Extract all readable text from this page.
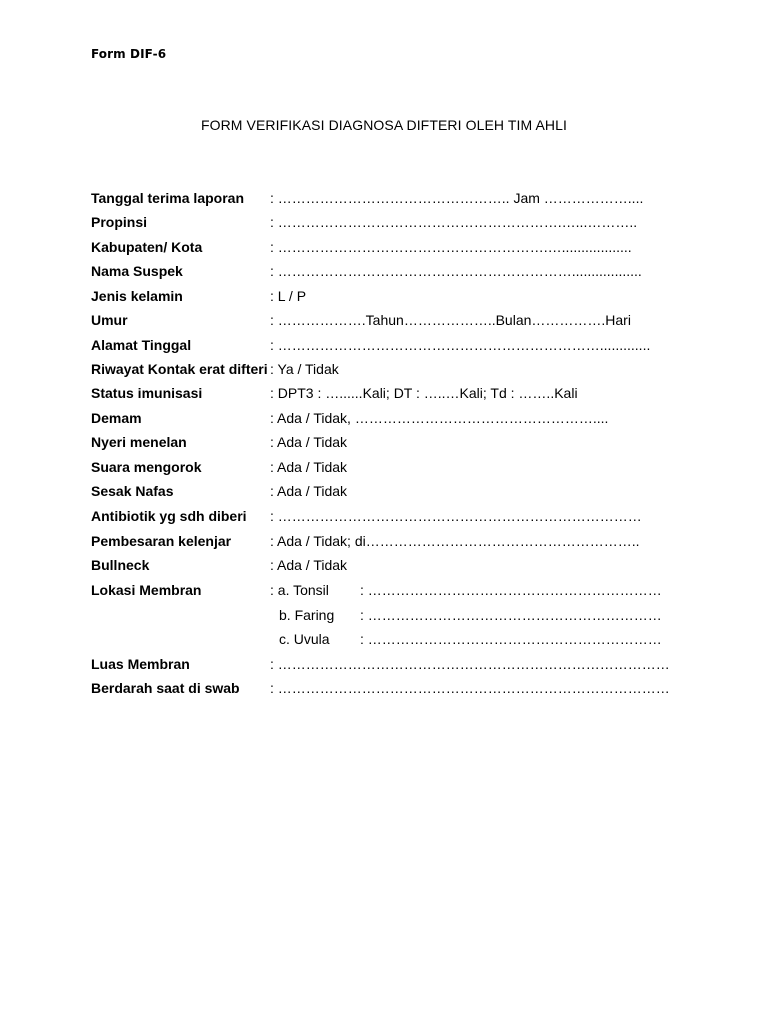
Form DIF-6
FORM VERIFIKASI DIAGNOSA DIFTERI OLEH TIM AHLI
Tanggal terima laporan	: ………………………………………….. Jam ………………....
Propinsi	: …………………………………………………….…...………..
Kabupaten/ Kota	: ………………………………………………….…..................
Nama Suspek	: ………………………………………………………..................
Jenis kelamin	: L / P
Umur	: ……………….Tahun………………..Bulan…………….Hari
Alamat Tinggal	: …………………………………………………………….............
Riwayat Kontak erat difteri : Ya / Tidak
Status imunisasi	: DPT3 : …......Kali; DT : …..…Kali; Td : ……..Kali
Demam	: Ada / Tidak, ……………………………………………....
Nyeri menelan	: Ada / Tidak
Suara mengorok	: Ada / Tidak
Sesak Nafas	: Ada / Tidak
Antibiotik yg sdh diberi	: ……………………………………………………………………
Pembesaran kelenjar	: Ada / Tidak; di…………………………………………………..
Bullneck	: Ada / Tidak
Lokasi Membran	: a. Tonsil : ………………………………………………………
b. Faring : ………………………………………………………
c. Uvula : ………………………………………………………
Luas Membran	: …………………………………………………………………………
Berdarah saat di swab	: …………………………………………………………………………
